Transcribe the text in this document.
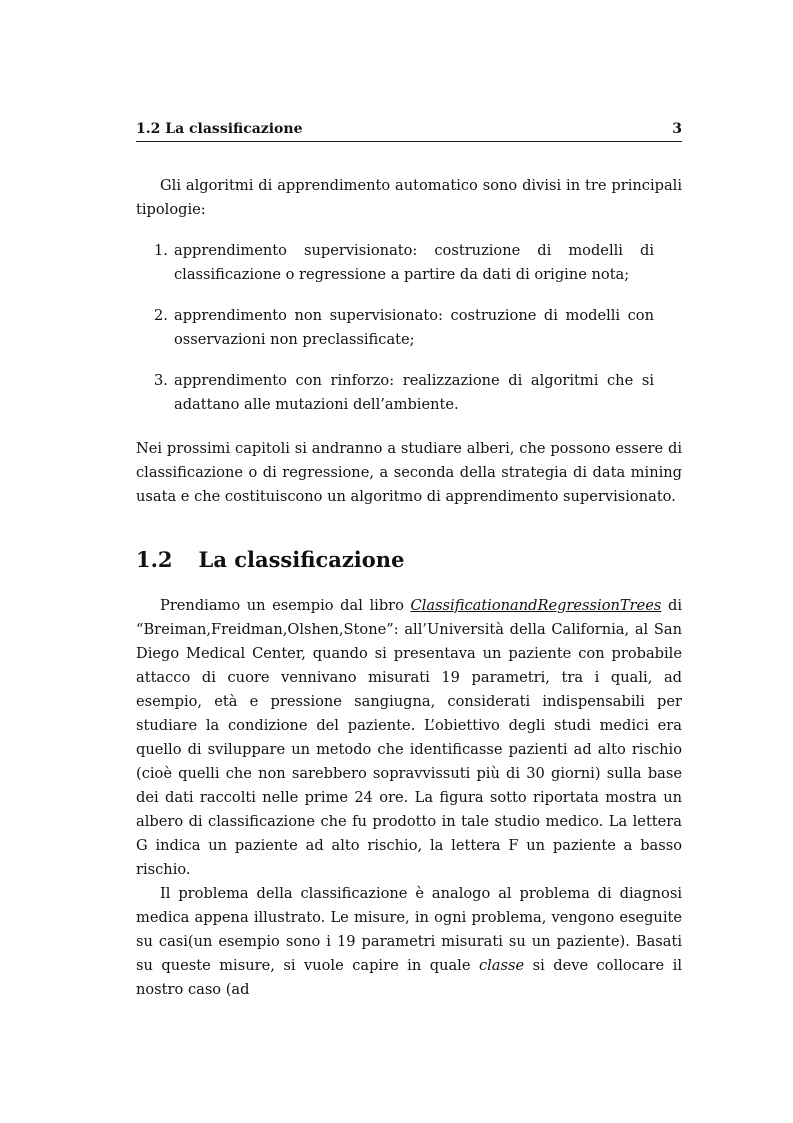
1.2 La classificazione	3
Gli algoritmi di apprendimento automatico sono divisi in tre principali tipologie:
1. apprendimento supervisionato: costruzione di modelli di classificazione o regressione a partire da dati di origine nota;
2. apprendimento non supervisionato: costruzione di modelli con osservazioni non preclassificate;
3. apprendimento con rinforzo: realizzazione di algoritmi che si adattano alle mutazioni dell’ambiente.
Nei prossimi capitoli si andranno a studiare alberi, che possono essere di classificazione o di regressione, a seconda della strategia di data mining usata e che costituiscono un algoritmo di apprendimento supervisionato.
1.2 La classificazione

Prendiamo un esempio dal libro ClassificationandRegressionTrees di “Breiman,Freidman,Olshen,Stone”: all’Università della California, al San Diego Medical Center, quando si presentava un paziente con probabile attacco di cuore vennivano misurati 19 parametri, tra i quali, ad esempio, età e pressione sangiugna, considerati indispensabili per studiare la condizione del paziente. L’obiettivo degli studi medici era quello di sviluppare un metodo che identificasse pazienti ad alto rischio (cioè quelli che non sarebbero sopravvissuti più di 30 giorni) sulla base dei dati raccolti nelle prime 24 ore. La figura sotto riportata mostra un albero di classificazione che fu prodotto in tale studio medico. La lettera G indica un paziente ad alto rischio, la lettera F un paziente a basso rischio.

Il problema della classificazione è analogo al problema di diagnosi medica appena illustrato. Le misure, in ogni problema, vengono eseguite su casi(un esempio sono i 19 parametri misurati su un paziente). Basati su queste misure, si vuole capire in quale classe si deve collocare il nostro caso (ad
